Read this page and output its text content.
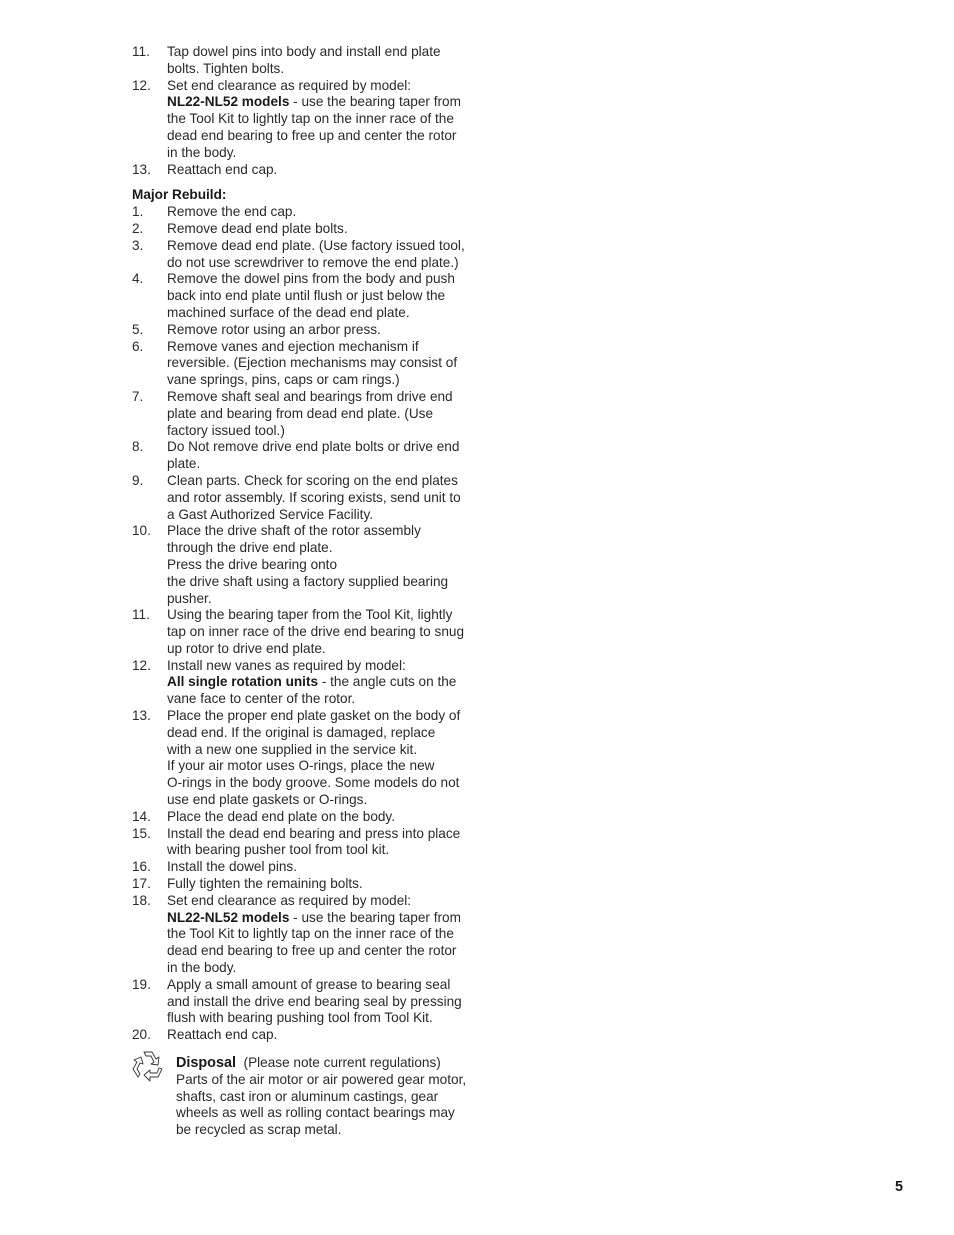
11. Tap dowel pins into body and install end plate
bolts. Tighten bolts.
12. Set end clearance as required by model:
NL22-NL52 models - use the bearing taper from
the Tool Kit to lightly tap on the inner race of the
dead end bearing to free up and center the rotor
in the body.
13. Reattach end cap.
Major Rebuild:
1. Remove the end cap.
2. Remove dead end plate bolts.
3. Remove dead end plate. (Use factory issued tool,
do not use screwdriver to remove the end plate.)
4. Remove the dowel pins from the body and push
back into end plate until flush or just below the
machined surface of the dead end plate.
5. Remove rotor using an arbor press.
6. Remove vanes and ejection mechanism if
reversible. (Ejection mechanisms may consist of
vane springs, pins, caps or cam rings.)
7. Remove shaft seal and bearings from drive end
plate and bearing from dead end plate. (Use
factory issued tool.)
8. Do Not remove drive end plate bolts or drive end
plate.
9. Clean parts. Check for scoring on the end plates
and rotor assembly. If scoring exists, send unit to
a Gast Authorized Service Facility.
10. Place the drive shaft of the rotor assembly
through the drive end plate.
Press the drive bearing onto
the drive shaft using a factory supplied bearing
pusher.
11. Using the bearing taper from the Tool Kit, lightly
tap on inner race of the drive end bearing to snug
up rotor to drive end plate.
12. Install new vanes as required by model:
All single rotation units - the angle cuts on the
vane face to center of the rotor.
13. Place the proper end plate gasket on the body of
dead end. If the original is damaged, replace
with a new one supplied in the service kit.
If your air motor uses O-rings, place the new
O-rings in the body groove. Some models do not
use end plate gaskets or O-rings.
14. Place the dead end plate on the body.
15. Install the dead end bearing and press into place
with bearing pusher tool from tool kit.
16. Install the dowel pins.
17. Fully tighten the remaining bolts.
18. Set end clearance as required by model:
NL22-NL52 models - use the bearing taper from
the Tool Kit to lightly tap on the inner race of the
dead end bearing to free up and center the rotor
in the body.
19. Apply a small amount of grease to bearing seal
and install the drive end bearing seal by pressing
flush with bearing pushing tool from Tool Kit.
20. Reattach end cap.
Disposal (Please note current regulations)
Parts of the air motor or air powered gear motor,
shafts, cast iron or aluminum castings, gear
wheels as well as rolling contact bearings may
be recycled as scrap metal.
5
